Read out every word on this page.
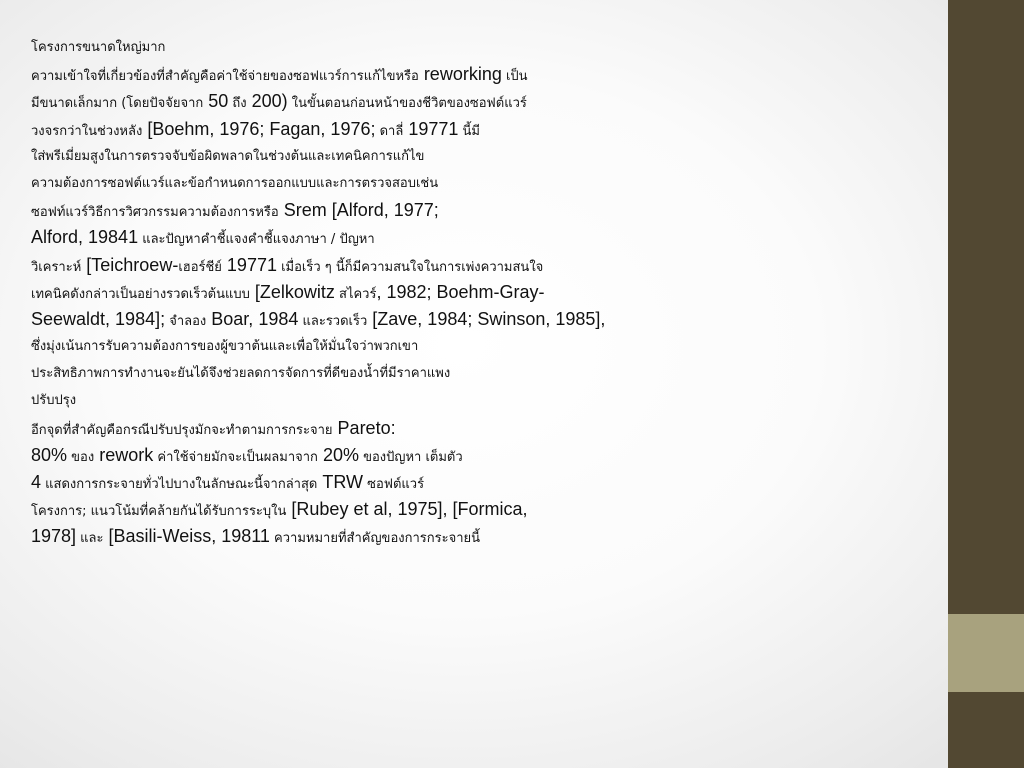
โครงการขนาดใหญ่มาก
ความเข้าใจที่เกี่ยวข้องที่สำคัญคือค่าใช้จ่ายของซอฟแวร์การแก้ไขหรือ reworking เป็น
มีขนาดเล็กมาก (โดยปัจจัยจาก 50 ถึง 200) ในขั้นตอนก่อนหน้าของชีวิตของซอฟต์แวร์
วงจรกว่าในช่วงหลัง [Boehm, 1976; Fagan, 1976; ดาลี่ 19771 นี้มี
ใส่พรีเมี่ยมสูงในการตรวจจับข้อผิดพลาดในช่วงต้นและเทคนิคการแก้ไข
ความต้องการซอฟต์แวร์และข้อกำหนดการออกแบบและการตรวจสอบเช่น
ซอฟท์แวร์วิธีการวิศวกรรมความต้องการหรือ Srem [Alford, 1977;
Alford, 19841 และปัญหาคำชี้แจงคำชี้แจงภาษา / ปัญหา
วิเคราะห์ [Teichroew-เฮอร์ชีย์ 19771 เมื่อเร็ว ๆ นี้ก็มีความสนใจในการเพ่งความสนใจ
เทคนิคดังกล่าวเป็นอย่างรวดเร็วต้นแบบ [Zelkowitz สไควร์, 1982; Boehm-Gray-
Seewaldt, 1984]; จำลอง Boar, 1984 และรวดเร็ว [Zave, 1984; Swinson, 1985],
ซึ่งมุ่งเน้นการรับความต้องการของผู้ขวาต้นและเพื่อให้มั่นใจว่าพวกเขา
ประสิทธิภาพการทำงานจะยันได้จึงช่วยลดการจัดการที่ดีของน้ำที่มีราคาแพง
ปรับปรุง
อีกจุดที่สำคัญคือกรณีปรับปรุงมักจะทำตามการกระจาย Pareto:
80% ของ rework ค่าใช้จ่ายมักจะเป็นผลมาจาก 20% ของปัญหา เต็มตัว
4 แสดงการกระจายทั่วไปบางในลักษณะนี้จากล่าสุด TRW ซอฟต์แวร์
โครงการ; แนวโน้มที่คล้ายกันได้รับการระบุใน [Rubey et al, 1975], [Formica,
1978] และ [Basili-Weiss, 19811 ความหมายที่สำคัญของการกระจายนี้
